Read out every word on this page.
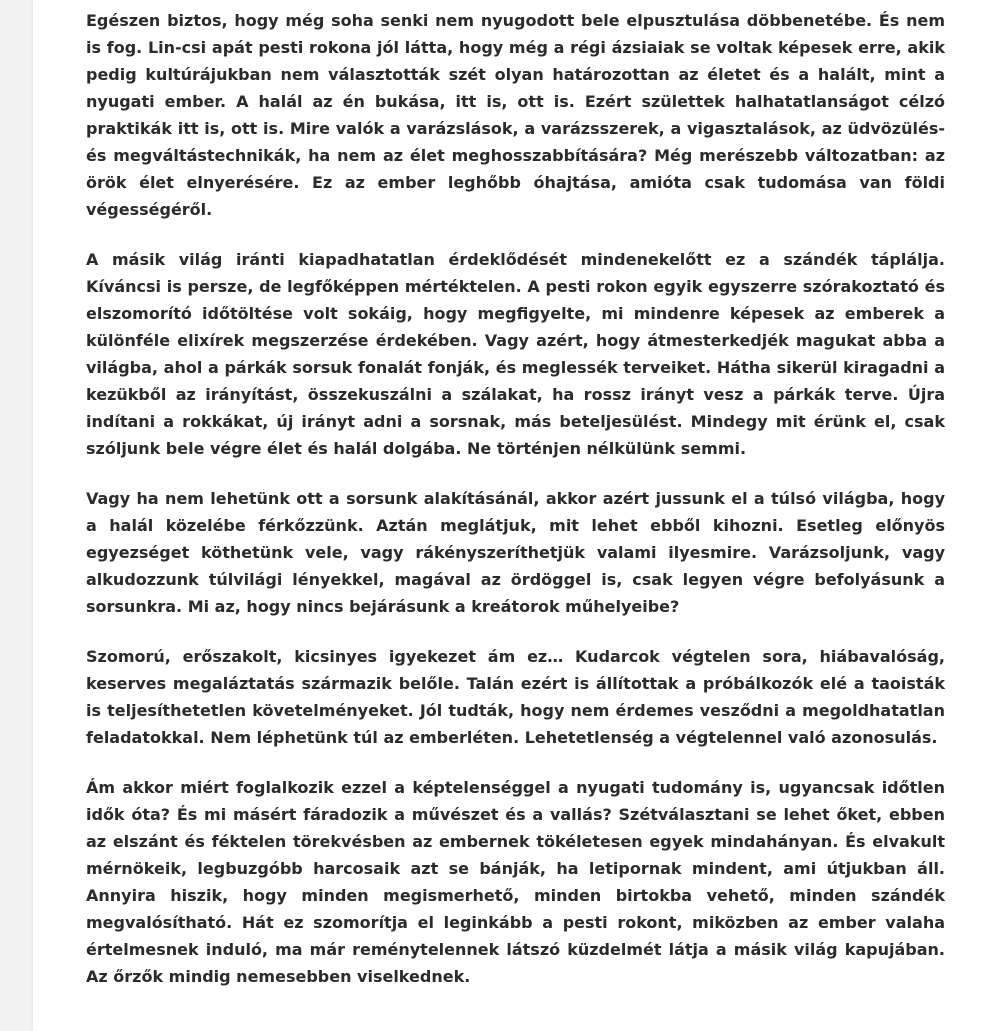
Egészen biztos, hogy még soha senki nem nyugodott bele elpusztulása döbbenetébe. És nem is fog. Lin-csi apát pesti rokona jól látta, hogy még a régi ázsiaiak se voltak képesek erre, akik pedig kultúrájukban nem választották szét olyan határozottan az életet és a halált, mint a nyugati ember. A halál az én bukása, itt is, ott is. Ezért születtek halhatatlanságot célzó praktikák itt is, ott is. Mire valók a varázslások, a varázsszerek, a vigasztalások, az üdvözülés- és megváltástechnikák, ha nem az élet meghosszabbítására? Még merészebb változatban: az örök élet elnyerésére. Ez az ember leghőbb óhajtása, amióta csak tudomása van földi végességéről.

A másik világ iránti kiapadhatatlan érdeklődését mindenekelőtt ez a szándék táplálja. Kíváncsi is persze, de legfőképpen mértéktelen. A pesti rokon egyik egyszerre szórakoztató és elszomorító időtöltése volt sokáig, hogy megfigyelte, mi mindenre képesek az emberek a különféle elixírek megszerzése érdekében. Vagy azért, hogy átmesterkedjék magukat abba a világba, ahol a párkák sorsuk fonalát fonják, és meglessék terveiket. Hátha sikerül kiragadni a kezükből az irányítást, összekuszálni a szálakat, ha rossz irányt vesz a párkák terve. Újra indítani a rokkákat, új irányt adni a sorsnak, más beteljesülést. Mindegy mit érünk el, csak szóljunk bele végre élet és halál dolgába. Ne történjen nélkülünk semmi.

Vagy ha nem lehetünk ott a sorsunk alakításánál, akkor azért jussunk el a túlsó világba, hogy a halál közelébe férkőzzünk. Aztán meglátjuk, mit lehet ebből kihozni. Esetleg előnyös egyezséget köthetünk vele, vagy rákényszeríthetjük valami ilyesmire. Varázsoljunk, vagy alkudozzunk túlvilági lényekkel, magával az ördöggel is, csak legyen végre befolyásunk a sorsunkra. Mi az, hogy nincs bejárásunk a kreátorok műhelyeibe?

Szomorú, erőszakolt, kicsinyes igyekezet ám ez… Kudarcok végtelen sora, hiábavalóság, keserves megaláztatás származik belőle. Talán ezért is állítottak a próbálkozók elé a taoisták is teljesíthetetlen követelményeket. Jól tudták, hogy nem érdemes vesződni a megoldhatatlan feladatokkal. Nem léphetünk túl az emberléten. Lehetetlenség a végtelennel való azonosulás.

Ám akkor miért foglalkozik ezzel a képtelenséggel a nyugati tudomány is, ugyancsak időtlen idők óta? És mi másért fáradozik a művészet és a vallás? Szétválasztani se lehet őket, ebben az elszánt és féktelen törekvésben az embernek tökéletesen egyek mindahányan. És elvakult mérnökeik, legbuzgóbb harcosaik azt se bánják, ha letipornak mindent, ami útjukban áll. Annyira hiszik, hogy minden megismerhető, minden birtokba vehető, minden szándék megvalósítható. Hát ez szomorítja el leginkább a pesti rokont, miközben az ember valaha értelmesnek induló, ma már reménytelennek látszó küzdelmét látja a másik világ kapujában. Az őrzők mindig nemesebben viselkednek.
